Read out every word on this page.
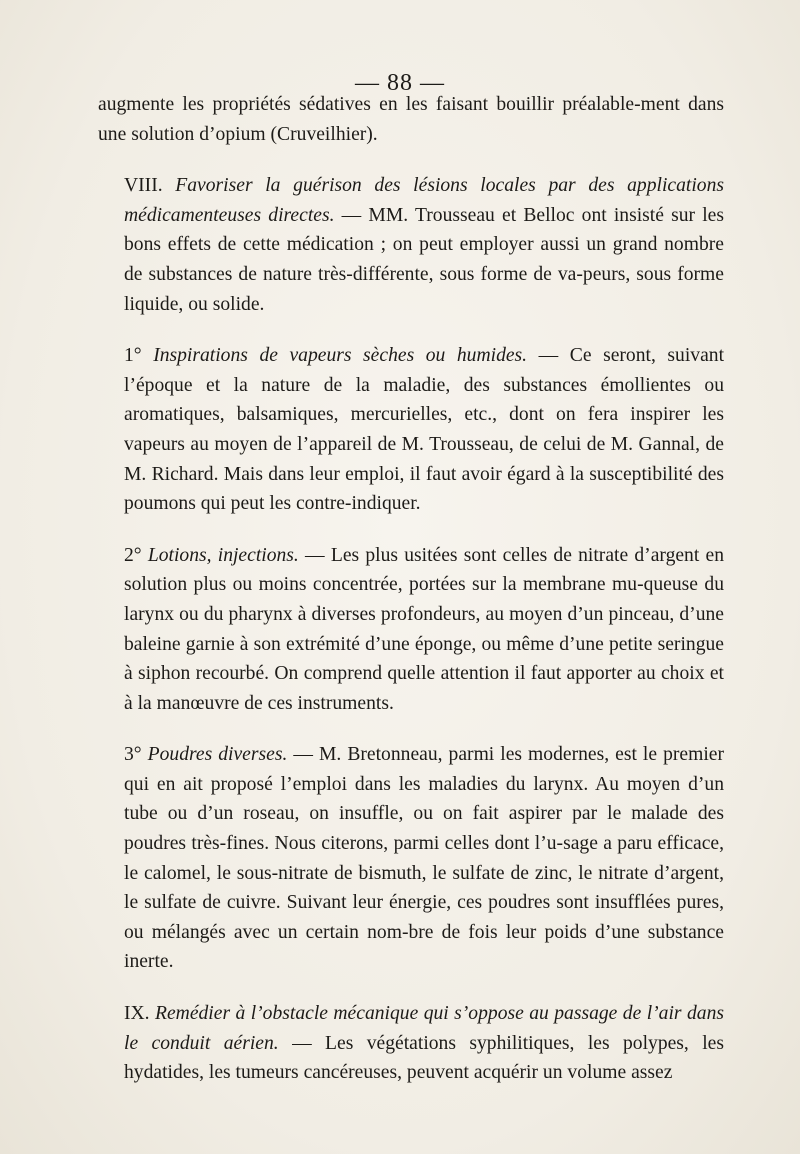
— 88 —

augmente les propriétés sédatives en les faisant bouillir préalable-ment dans une solution d’opium (Cruveilhier).

VIII. Favoriser la guérison des lésions locales par des applications médicamenteuses directes. — MM. Trousseau et Belloc ont insisté sur les bons effets de cette médication ; on peut employer aussi un grand nombre de substances de nature très-différente, sous forme de va-peurs, sous forme liquide, ou solide.

1° Inspirations de vapeurs sèches ou humides. — Ce seront, suivant l’époque et la nature de la maladie, des substances émollientes ou aromatiques, balsamiques, mercurielles, etc., dont on fera inspirer les vapeurs au moyen de l’appareil de M. Trousseau, de celui de M. Gannal, de M. Richard. Mais dans leur emploi, il faut avoir égard à la susceptibilité des poumons qui peut les contre-indiquer.

2° Lotions, injections. — Les plus usitées sont celles de nitrate d’argent en solution plus ou moins concentrée, portées sur la membrane mu-queuse du larynx ou du pharynx à diverses profondeurs, au moyen d’un pinceau, d’une baleine garnie à son extrémité d’une éponge, ou même d’une petite seringue à siphon recourbé. On comprend quelle attention il faut apporter au choix et à la manœuvre de ces instruments.

3° Poudres diverses. — M. Bretonneau, parmi les modernes, est le premier qui en ait proposé l’emploi dans les maladies du larynx. Au moyen d’un tube ou d’un roseau, on insuffle, ou on fait aspirer par le malade des poudres très-fines. Nous citerons, parmi celles dont l’u-sage a paru efficace, le calomel, le sous-nitrate de bismuth, le sulfate de zinc, le nitrate d’argent, le sulfate de cuivre. Suivant leur énergie, ces poudres sont insufflées pures, ou mélangés avec un certain nom-bre de fois leur poids d’une substance inerte.

IX. Remédier à l’obstacle mécanique qui s’oppose au passage de l’air dans le conduit aérien. — Les végétations syphilitiques, les polypes, les hydatides, les tumeurs cancéreuses, peuvent acquérir un volume assez
